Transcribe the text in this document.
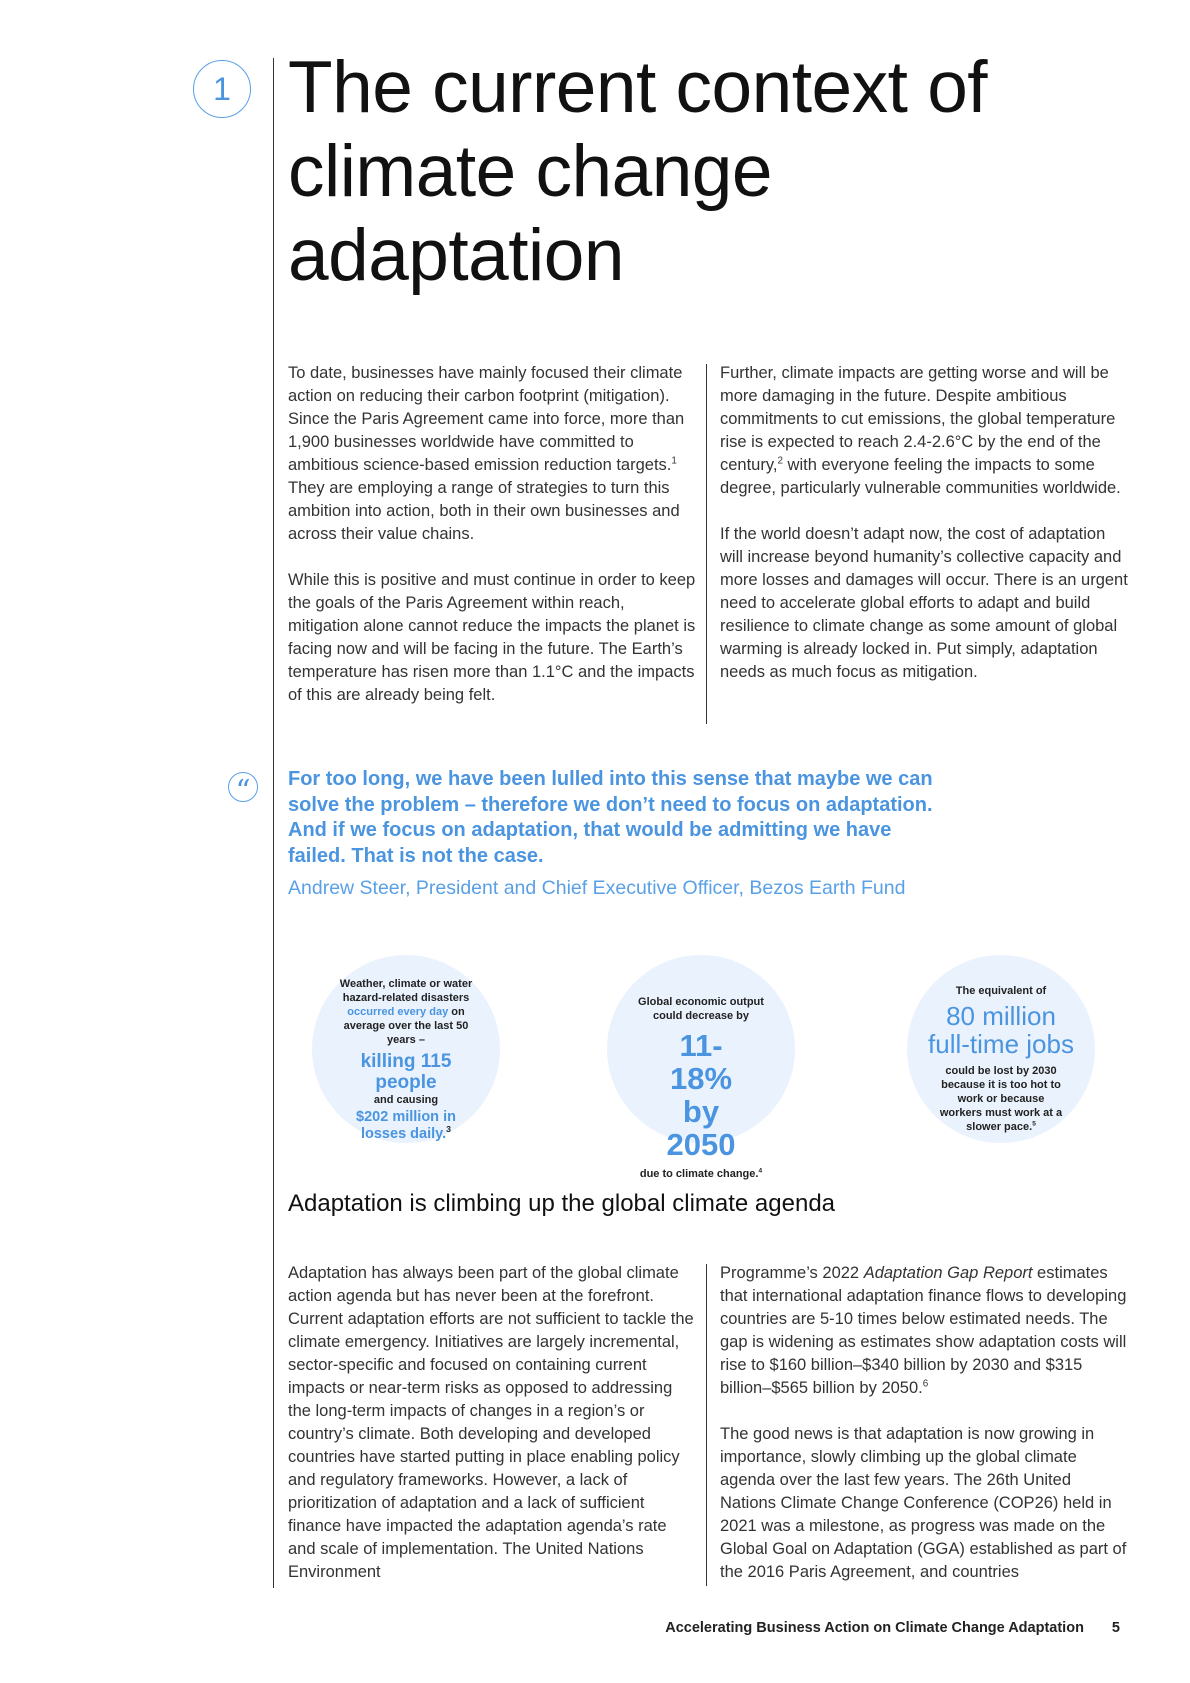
1 The current context of climate change adaptation

To date, businesses have mainly focused their climate action on reducing their carbon footprint (mitigation). Since the Paris Agreement came into force, more than 1,900 businesses worldwide have committed to ambitious science-based emission reduction targets.$^1$ They are employing a range of strategies to turn this ambition into action, both in their own businesses and across their value chains.

While this is positive and must continue in order to keep the goals of the Paris Agreement within reach, mitigation alone cannot reduce the impacts the planet is facing now and will be facing in the future. The Earth’s temperature has risen more than 1.1°C and the impacts of this are already being felt.

Further, climate impacts are getting worse and will be more damaging in the future. Despite ambitious commitments to cut emissions, the global temperature rise is expected to reach 2.4-2.6°C by the end of the century,$^2$ with everyone feeling the impacts to some degree, particularly vulnerable communities worldwide.

If the world doesn’t adapt now, the cost of adaptation will increase beyond humanity’s collective capacity and more losses and damages will occur. There is an urgent need to accelerate global efforts to adapt and build resilience to climate change as some amount of global warming is already locked in. Put simply, adaptation needs as much focus as mitigation.

“ For too long, we have been lulled into this sense that maybe we can solve the problem – therefore we don’t need to focus on adaptation. And if we focus on adaptation, that would be admitting we have failed. That is not the case.
Andrew Steer, President and Chief Executive Officer, Bezos Earth Fund
Weather, climate or water hazard-related disasters occurred every day on average over the last 50 years –
killing 115 people
and causing
$202 million in losses daily.$^3$
Global economic output could decrease by
11-18% by 2050
due to climate change.$^4$
The equivalent of
80 million full-time jobs
could be lost by 2030 because it is too hot to work or because workers must work at a slower pace.$^5$
Adaptation is climbing up the global climate agenda

Adaptation has always been part of the global climate action agenda but has never been at the forefront. Current adaptation efforts are not sufficient to tackle the climate emergency. Initiatives are largely incremental, sector-specific and focused on containing current impacts or near-term risks as opposed to addressing the long-term impacts of changes in a region’s or country’s climate. Both developing and developed countries have started putting in place enabling policy and regulatory frameworks. However, a lack of prioritization of adaptation and a lack of sufficient finance have impacted the adaptation agenda’s rate and scale of implementation. The United Nations Environment

Programme’s 2022 Adaptation Gap Report estimates that international adaptation finance flows to developing countries are 5-10 times below estimated needs. The gap is widening as estimates show adaptation costs will rise to $160 billion–$340 billion by 2030 and $315 billion–$565 billion by 2050.$^6$

The good news is that adaptation is now growing in importance, slowly climbing up the global climate agenda over the last few years. The 26th United Nations Climate Change Conference (COP26) held in 2021 was a milestone, as progress was made on the Global Goal on Adaptation (GGA) established as part of the 2016 Paris Agreement, and countries

Accelerating Business Action on Climate Change Adaptation 5
